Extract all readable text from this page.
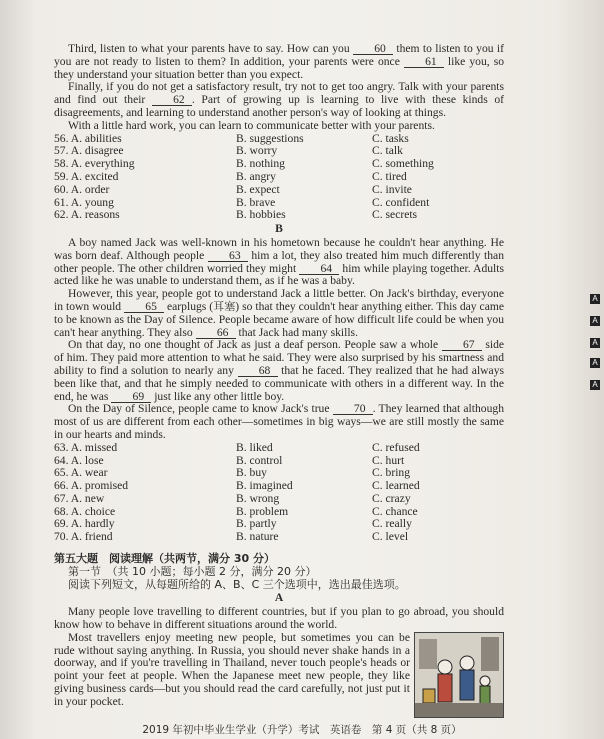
Third, listen to what your parents have to say. How can you 60 them to listen to you if you are not ready to listen to them? In addition, your parents were once 61 like you, so they understand your situation better than you expect.

Finally, if you do not get a satisfactory result, try not to get too angry. Talk with your parents and find out their 62 . Part of growing up is learning to live with these kinds of disagreements, and learning to understand another person's way of looking at things.

With a little hard work, you can learn to communicate better with your parents.

56. A. abilities	B. suggestions	C. tasks
57. A. disagree	B. worry	C. talk
58. A. everything	B. nothing	C. something
59. A. excited	B. angry	C. tired
60. A. order	B. expect	C. invite
61. A. young	B. brave	C. confident
62. A. reasons	B. hobbies	C. secrets
B

A boy named Jack was well-known in his hometown because he couldn't hear anything. He was born deaf. Although people 63 him a lot, they also treated him much differently than other people. The other children worried they might 64 him while playing together. Adults acted like he was unable to understand them, as if he was a baby.

However, this year, people got to understand Jack a little better. On Jack's birthday, everyone in town would 65 earplugs (耳塞) so that they couldn't hear anything either. This day came to be known as the Day of Silence. People became aware of how difficult life could be when you can't hear anything. They also 66 that Jack had many skills.

On that day, no one thought of Jack as just a deaf person. People saw a whole 67 side of him. They paid more attention to what he said. They were also surprised by his smartness and ability to find a solution to nearly any 68 that he faced. They realized that he had always been like that, and that he simply needed to communicate with others in a different way. In the end, he was 69 just like any other little boy.

On the Day of Silence, people came to know Jack's true 70 . They learned that although most of us are different from each other—sometimes in big ways—we are still mostly the same in our hearts and minds.

63. A. missed	B. liked	C. refused
64. A. lose	B. control	C. hurt
65. A. wear	B. buy	C. bring
66. A. promised	B. imagined	C. learned
67. A. new	B. wrong	C. crazy
68. A. choice	B. problem	C. chance
69. A. hardly	B. partly	C. really
70. A. friend	B. nature	C. level
第五大题　阅读理解（共两节，满分 30 分）
第一节　（共 10 小题；每小题 2 分，满分 20 分）
阅读下列短文，从每题所给的 A、B、C 三个选项中，选出最佳选项。
A

Many people love travelling to different countries, but if you plan to go abroad, you should know how to behave in different situations around the world.

Most travellers enjoy meeting new people, but sometimes you can be rude without saying anything. In Russia, you should never shake hands in a doorway, and if you're travelling in Thailand, never touch people's heads or point your feet at people. When the Japanese meet new people, they like giving business cards—but you should read the card carefully, not just put it in your pocket.

A
A
A
A
A
2019 年初中毕业生学业（升学）考试　英语卷　第 4 页（共 8 页）
